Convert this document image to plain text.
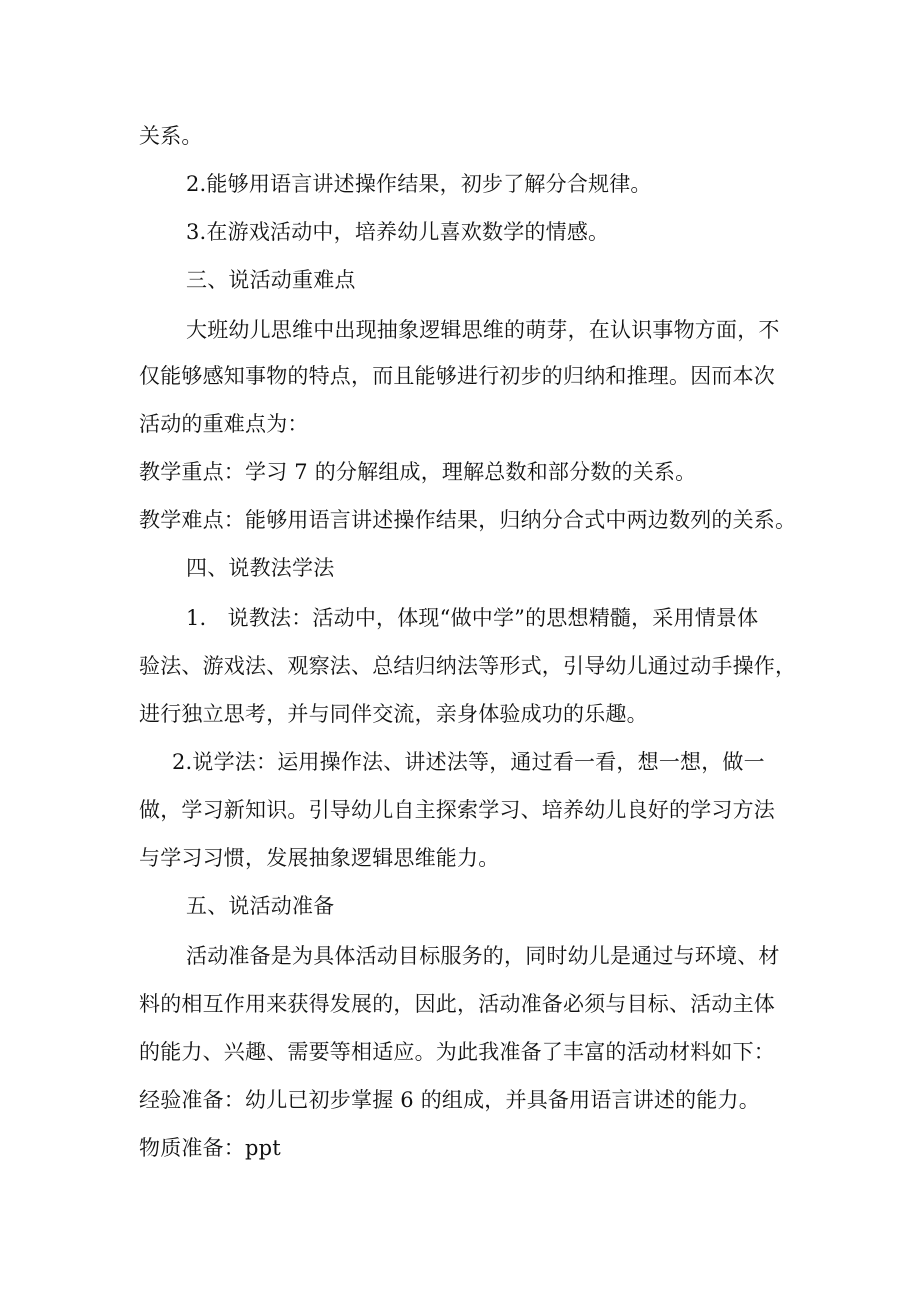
关系。
2.能够用语言讲述操作结果，初步了解分合规律。
3.在游戏活动中，培养幼儿喜欢数学的情感。
三、说活动重难点
大班幼儿思维中出现抽象逻辑思维的萌芽，在认识事物方面，不
仅能够感知事物的特点，而且能够进行初步的归纳和推理。因而本次
活动的重难点为：
教学重点：学习 7 的分解组成，理解总数和部分数的关系。
教学难点：能够用语言讲述操作结果，归纳分合式中两边数列的关系。
四、说教法学法
1.　说教法：活动中，体现“做中学”的思想精髓，采用情景体
验法、游戏法、观察法、总结归纳法等形式，引导幼儿通过动手操作，
进行独立思考，并与同伴交流，亲身体验成功的乐趣。
2.说学法：运用操作法、讲述法等，通过看一看，想一想，做一
做，学习新知识。引导幼儿自主探索学习、培养幼儿良好的学习方法
与学习习惯，发展抽象逻辑思维能力。
五、说活动准备
活动准备是为具体活动目标服务的，同时幼儿是通过与环境、材
料的相互作用来获得发展的，因此，活动准备必须与目标、活动主体
的能力、兴趣、需要等相适应。为此我准备了丰富的活动材料如下：
经验准备：幼儿已初步掌握 6 的组成，并具备用语言讲述的能力。
物质准备：ppt
